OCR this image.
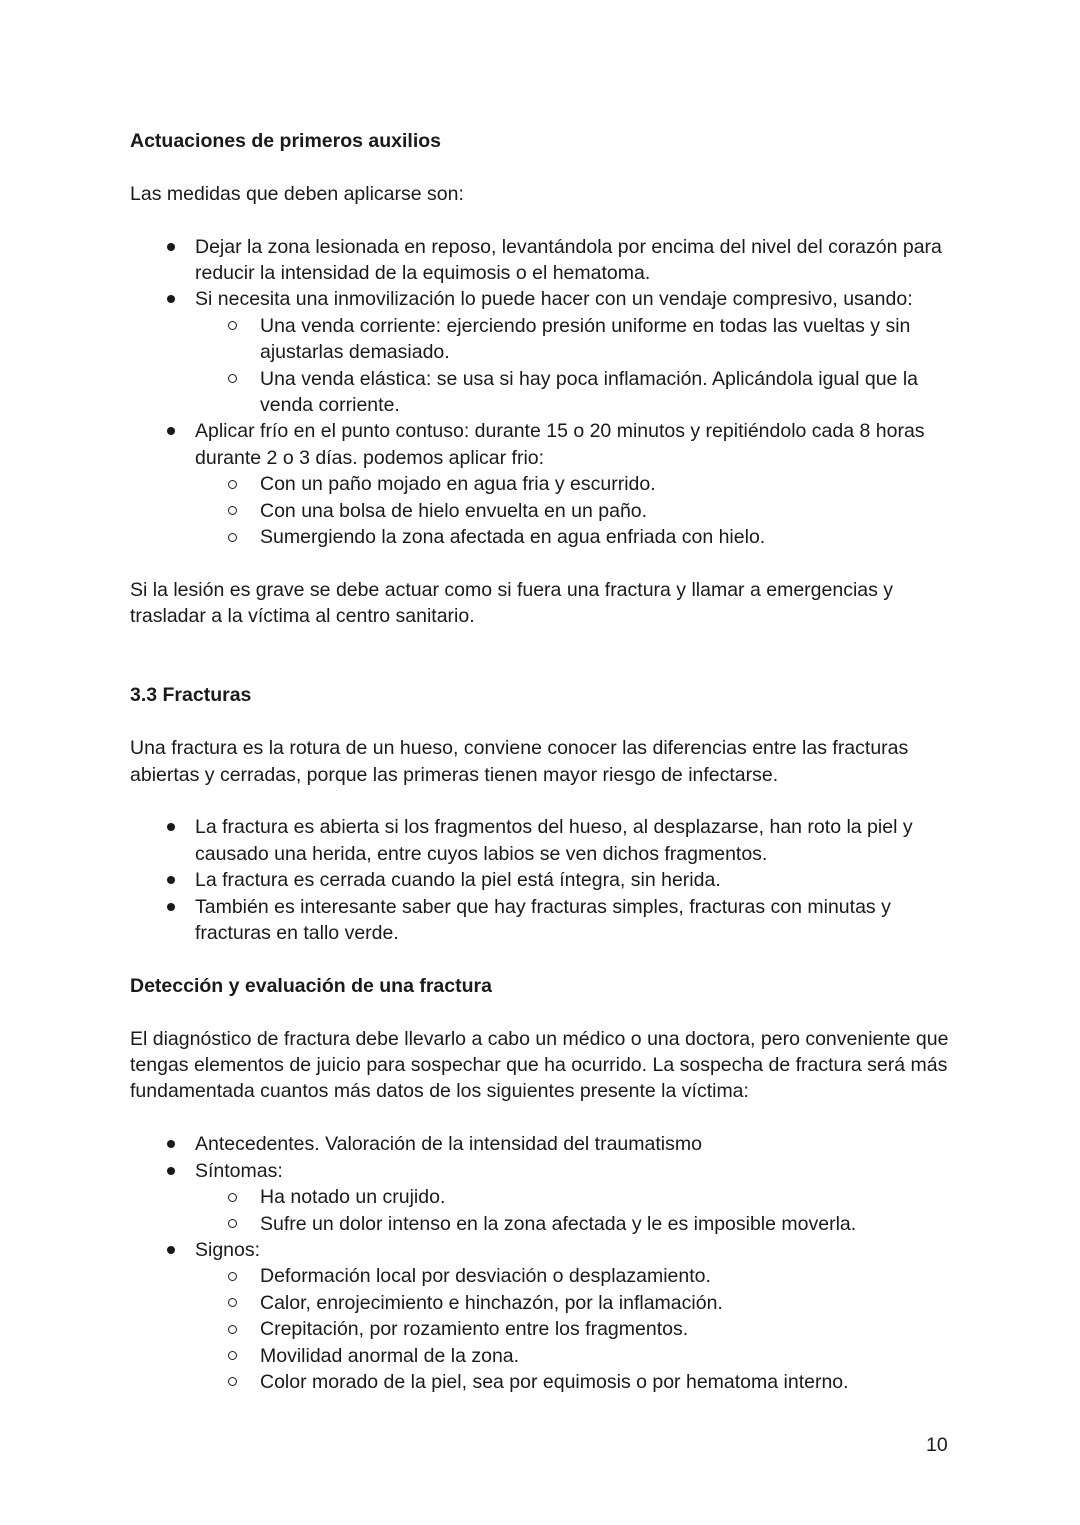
Actuaciones de primeros auxilios

Las medidas que deben aplicarse son:

Dejar la zona lesionada en reposo, levantándola por encima del nivel del corazón para reducir la intensidad de la equimosis o el hematoma.
Si necesita una inmovilización lo puede hacer con un vendaje compresivo, usando:
Una venda corriente: ejerciendo presión uniforme en todas las vueltas y sin ajustarlas demasiado.
Una venda elástica: se usa si hay poca inflamación. Aplicándola igual que la venda corriente.
Aplicar frío en el punto contuso: durante 15 o 20 minutos y repitiéndolo cada 8 horas durante 2 o 3 días. podemos aplicar frio:
Con un paño mojado en agua fria y escurrido.
Con una bolsa de hielo envuelta en un paño.
Sumergiendo la zona afectada en agua enfriada con hielo.

Si la lesión es grave se debe actuar como si fuera una fractura y llamar a emergencias y trasladar a la víctima al centro sanitario.

3.3 Fracturas

Una fractura es la rotura de un hueso, conviene conocer las diferencias entre las fracturas abiertas y cerradas, porque las primeras tienen mayor riesgo de infectarse.

La fractura es abierta si los fragmentos del hueso, al desplazarse, han roto la piel y causado una herida, entre cuyos labios se ven dichos fragmentos.
La fractura es cerrada cuando la piel está íntegra, sin herida.
También es interesante saber que hay fracturas simples, fracturas con minutas y fracturas en tallo verde.

Detección y evaluación de una fractura

El diagnóstico de fractura debe llevarlo a cabo un médico o una doctora, pero conveniente que tengas elementos de juicio para sospechar que ha ocurrido. La sospecha de fractura será más fundamentada cuantos más datos de los siguientes presente la víctima:

Antecedentes. Valoración de la intensidad del traumatismo
Síntomas:
Ha notado un crujido.
Sufre un dolor intenso en la zona afectada y le es imposible moverla.
Signos:
Deformación local por desviación o desplazamiento.
Calor, enrojecimiento e hinchazón, por la inflamación.
Crepitación, por rozamiento entre los fragmentos.
Movilidad anormal de la zona.
Color morado de la piel, sea por equimosis o por hematoma interno.
10
